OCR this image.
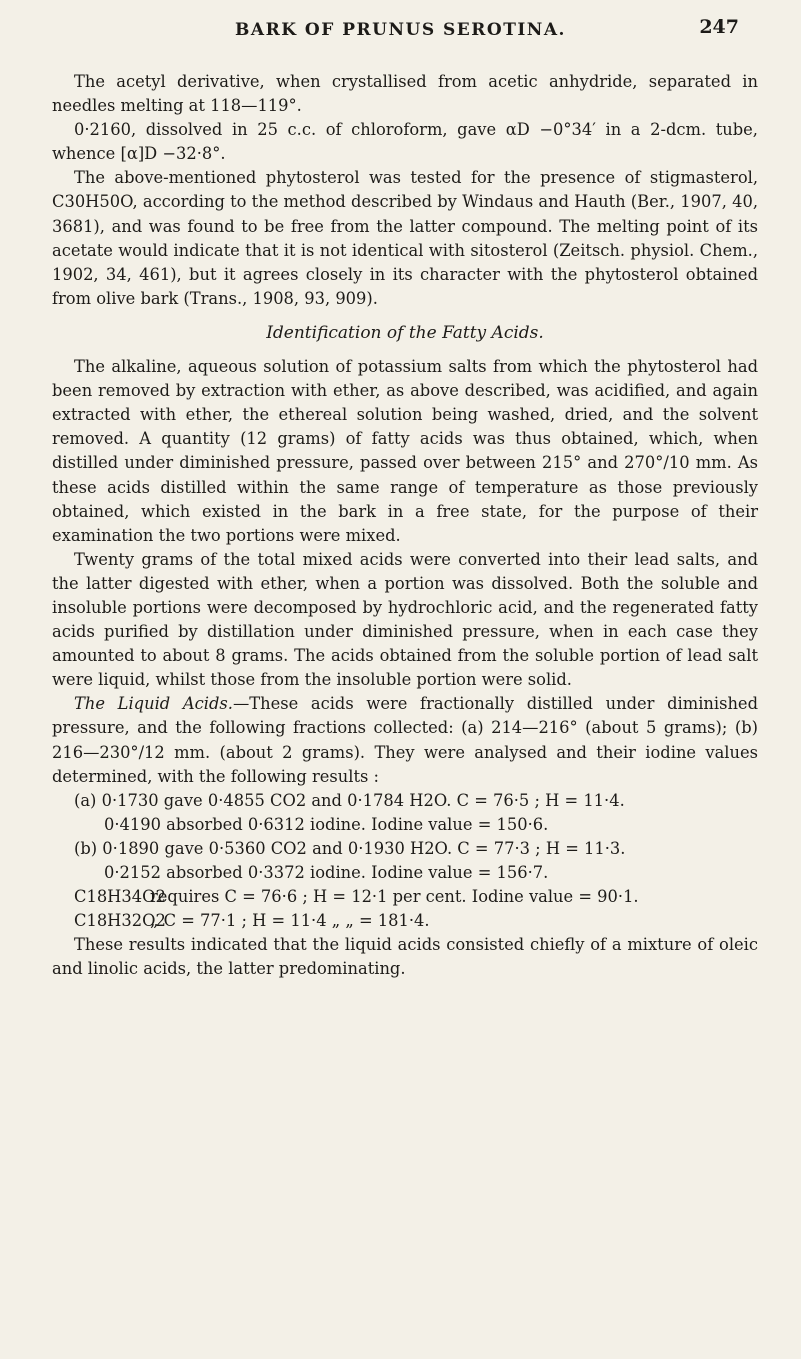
BARK OF PRUNUS SEROTINA.	247

The acetyl derivative, when crystallised from acetic anhydride, separated in needles melting at 118—119°.

0·2160, dissolved in 25 c.c. of chloroform, gave αD −0°34′ in a 2-dcm. tube, whence [α]D −32·8°.

The above-mentioned phytosterol was tested for the presence of stigmasterol, C30H50O, according to the method described by Windaus and Hauth (Ber., 1907, 40, 3681), and was found to be free from the latter compound. The melting point of its acetate would indicate that it is not identical with sitosterol (Zeitsch. physiol. Chem., 1902, 34, 461), but it agrees closely in its character with the phytosterol obtained from olive bark (Trans., 1908, 93, 909).

Identification of the Fatty Acids.

The alkaline, aqueous solution of potassium salts from which the phytosterol had been removed by extraction with ether, as above described, was acidified, and again extracted with ether, the ethereal solution being washed, dried, and the solvent removed. A quantity (12 grams) of fatty acids was thus obtained, which, when distilled under diminished pressure, passed over between 215° and 270°/10 mm. As these acids distilled within the same range of temperature as those previously obtained, which existed in the bark in a free state, for the purpose of their examination the two portions were mixed.

Twenty grams of the total mixed acids were converted into their lead salts, and the latter digested with ether, when a portion was dissolved. Both the soluble and insoluble portions were decomposed by hydrochloric acid, and the regenerated fatty acids purified by distillation under diminished pressure, when in each case they amounted to about 8 grams. The acids obtained from the soluble portion of lead salt were liquid, whilst those from the insoluble portion were solid.

The Liquid Acids.—These acids were fractionally distilled under diminished pressure, and the following fractions collected: (a) 214—216° (about 5 grams); (b) 216—230°/12 mm. (about 2 grams). They were analysed and their iodine values determined, with the following results :

(a) 0·1730 gave 0·4855 CO2 and 0·1784 H2O. C = 76·5 ; H = 11·4.

0·4190 absorbed 0·6312 iodine. Iodine value = 150·6.

(b) 0·1890 gave 0·5360 CO2 and 0·1930 H2O. C = 77·3 ; H = 11·3.

0·2152 absorbed 0·3372 iodine. Iodine value = 156·7.

C18H34O2
requires C = 76·6 ; H = 12·1 per cent. Iodine value = 90·1.
C18H32O2
„ C = 77·1 ; H = 11·4 „ „ = 181·4.

These results indicated that the liquid acids consisted chiefly of a mixture of oleic and linolic acids, the latter predominating.
